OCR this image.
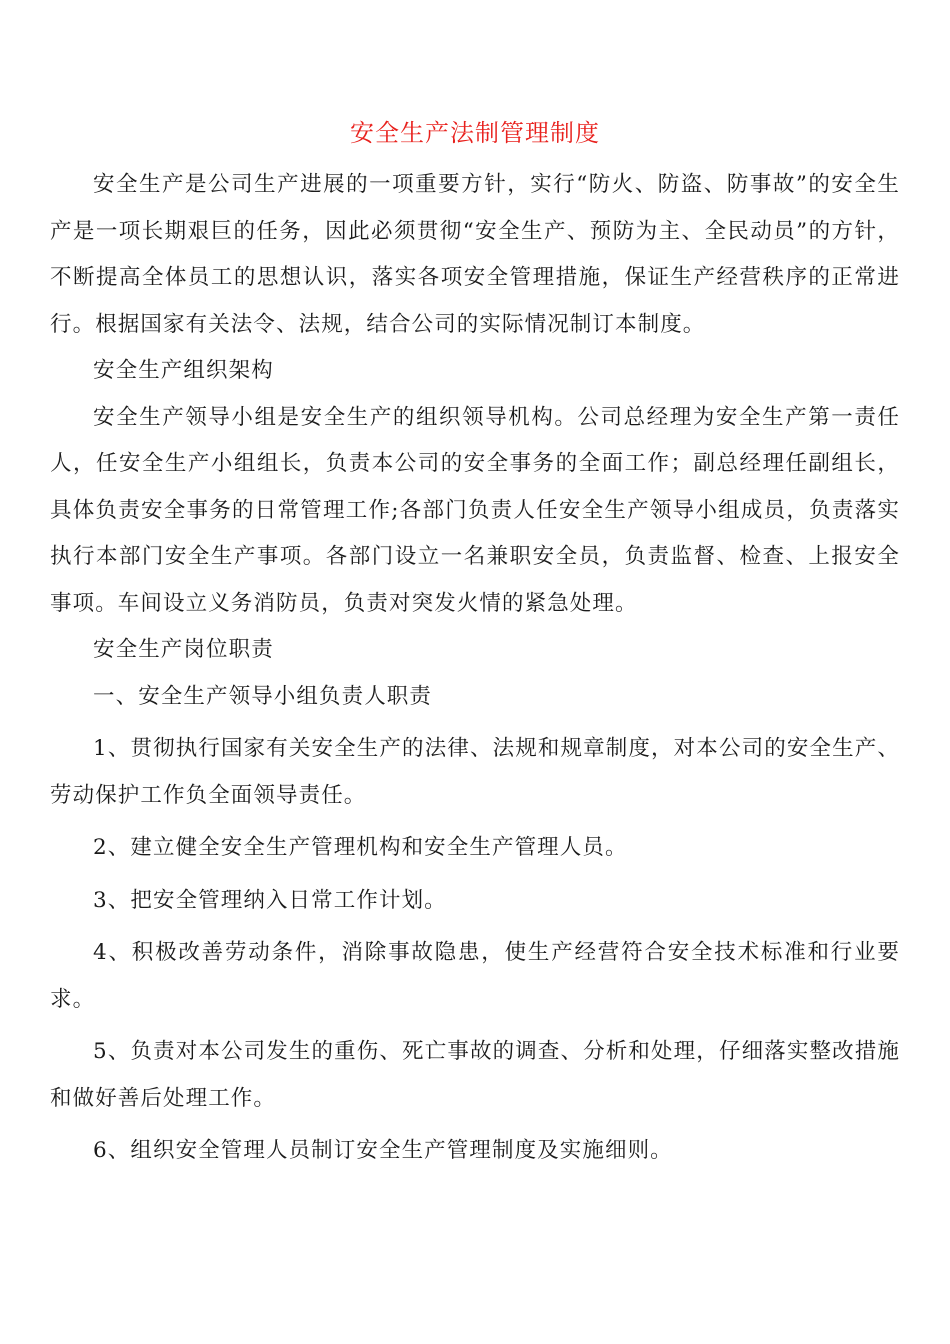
安全生产法制管理制度

安全生产是公司生产进展的一项重要方针，实行“防火、防盗、防事故”的安全生产是一项长期艰巨的任务，因此必须贯彻“安全生产、预防为主、全民动员”的方针，不断提高全体员工的思想认识，落实各项安全管理措施，保证生产经营秩序的正常进行。根据国家有关法令、法规，结合公司的实际情况制订本制度。

安全生产组织架构

安全生产领导小组是安全生产的组织领导机构。公司总经理为安全生产第一责任人，任安全生产小组组长，负责本公司的安全事务的全面工作；副总经理任副组长，具体负责安全事务的日常管理工作;各部门负责人任安全生产领导小组成员，负责落实执行本部门安全生产事项。各部门设立一名兼职安全员，负责监督、检查、上报安全事项。车间设立义务消防员，负责对突发火情的紧急处理。

安全生产岗位职责

一、安全生产领导小组负责人职责

1、贯彻执行国家有关安全生产的法律、法规和规章制度，对本公司的安全生产、劳动保护工作负全面领导责任。

2、建立健全安全生产管理机构和安全生产管理人员。

3、把安全管理纳入日常工作计划。

4、积极改善劳动条件，消除事故隐患，使生产经营符合安全技术标准和行业要求。

5、负责对本公司发生的重伤、死亡事故的调查、分析和处理，仔细落实整改措施和做好善后处理工作。

6、组织安全管理人员制订安全生产管理制度及实施细则。
